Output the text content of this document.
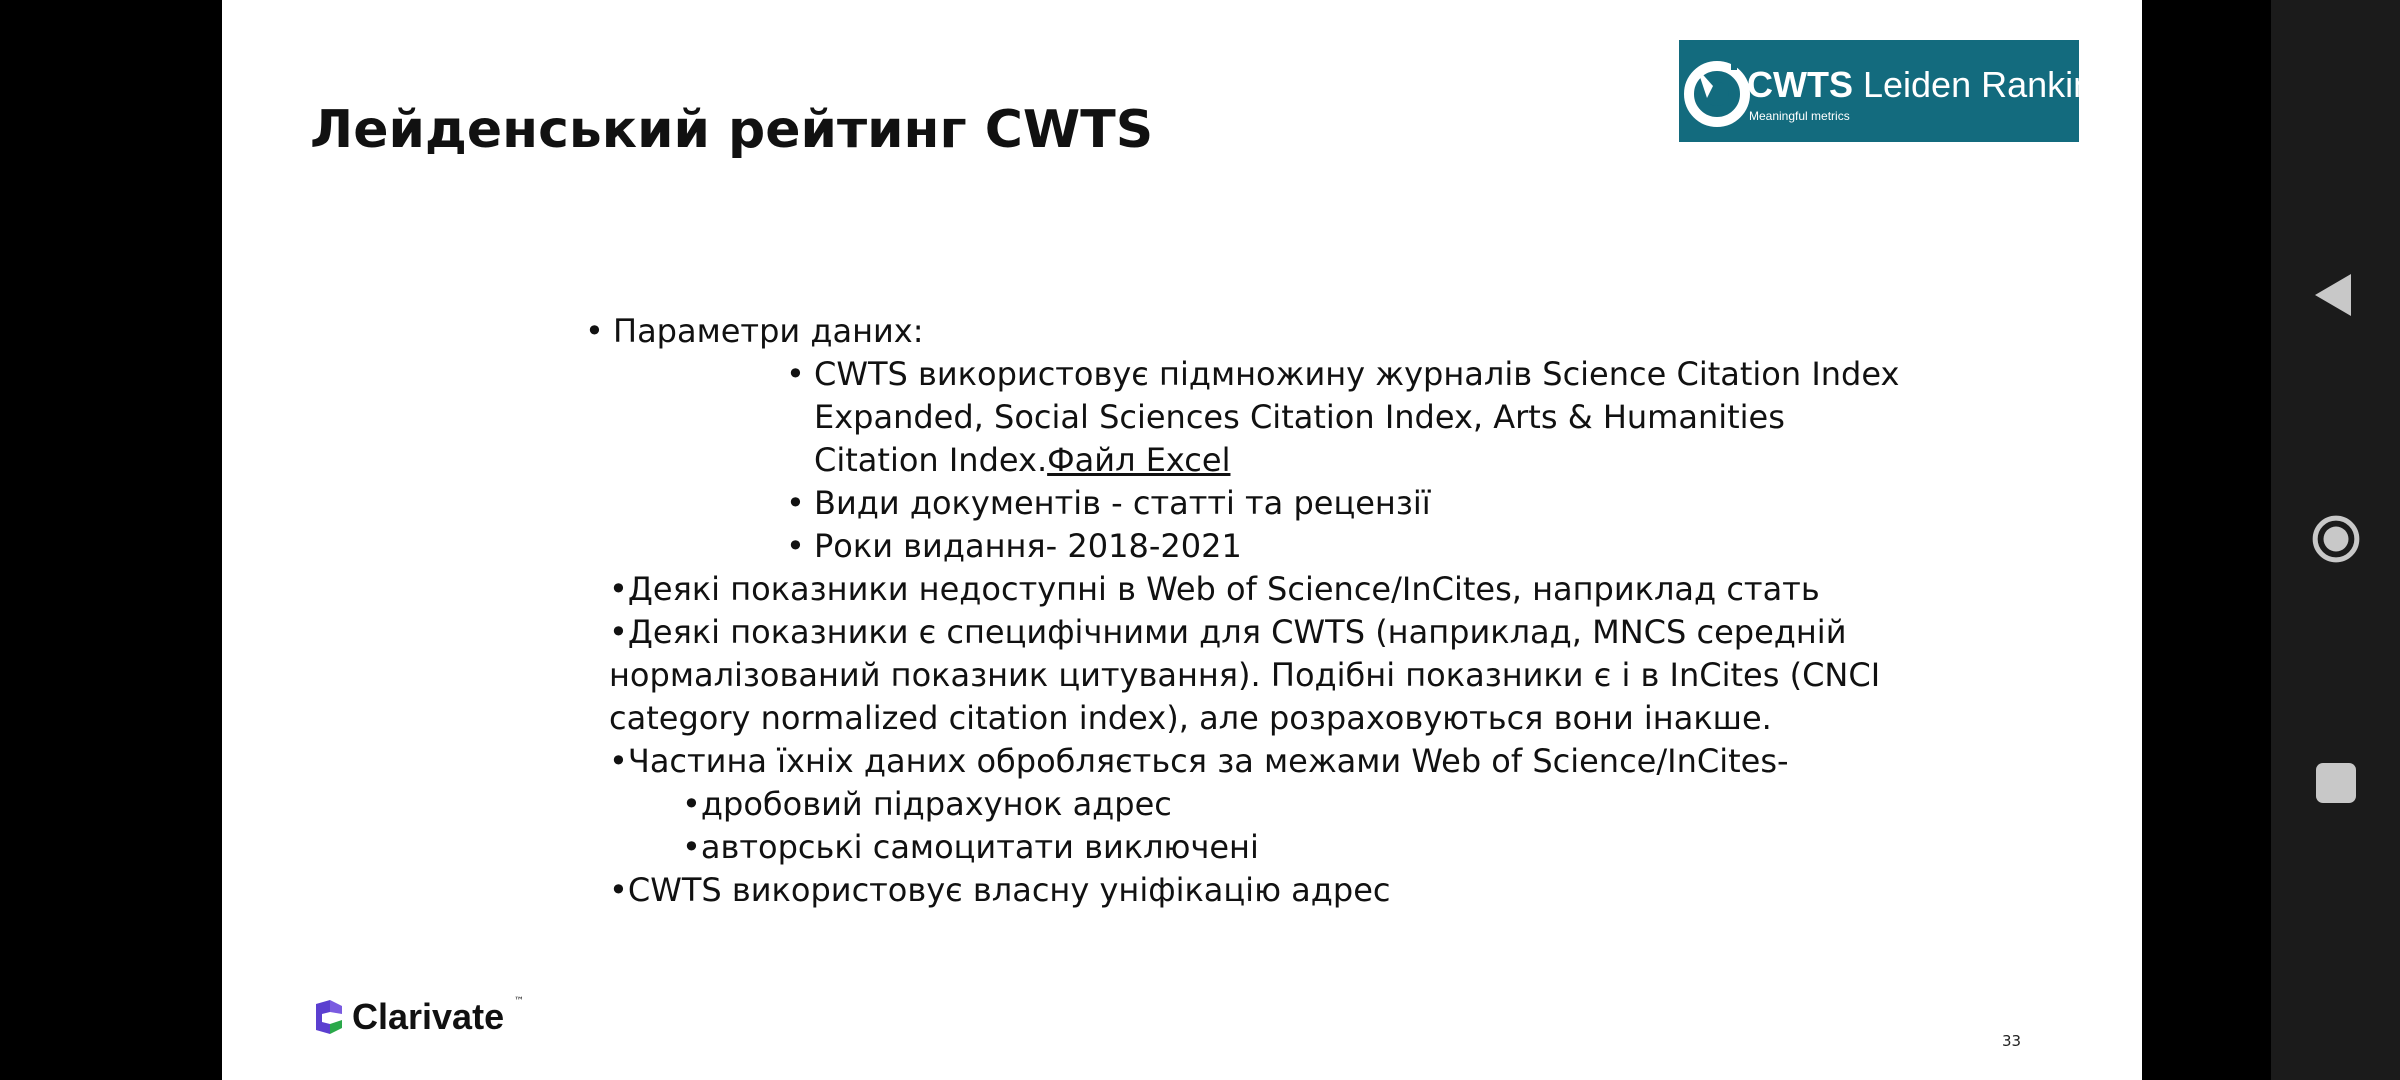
Лейденський рейтинг CWTS
CWTS Leiden Ranking
Meaningful metrics
• Параметри даних:
• CWTS використовує підмножину журналів Science Citation Index
Expanded, Social Sciences Citation Index, Arts & Humanities
Citation Index.Файл Excel
• Види документів - статті та рецензії
• Роки видання- 2018-2021
•Деякі показники недоступні в Web of Science/InCites, наприклад стать
•Деякі показники є специфічними для CWTS (наприклад, MNCS середній
нормалізований показник цитування). Подібні показники є і в InCites (CNCI
category normalized citation index), але розраховуються вони інакше.
•Частина їхніх даних обробляється за межами Web of Science/InCites-
•дробовий підрахунок адрес
•авторські самоцитати виключені
•CWTS використовує власну уніфікацію адрес
Clarivate ™
33
